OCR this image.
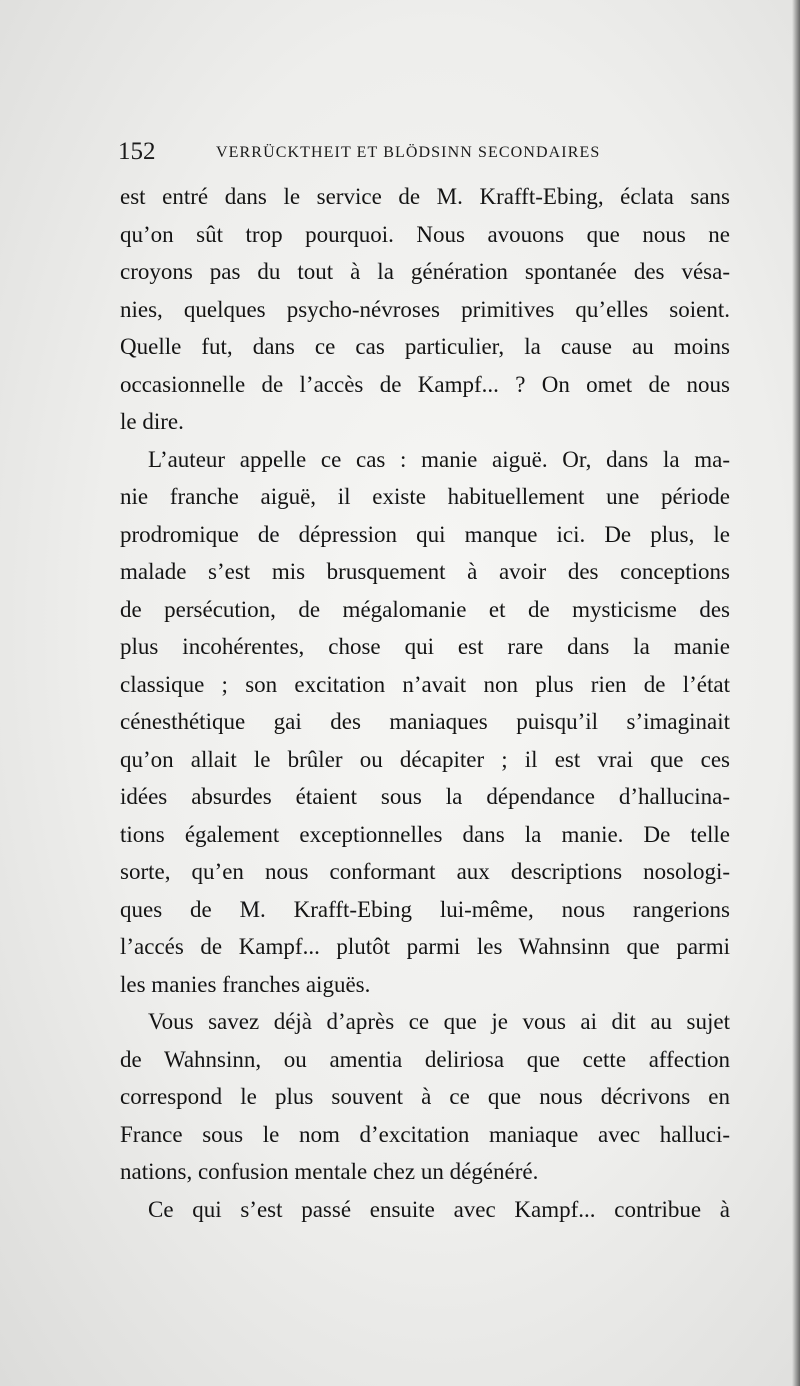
152	VERRÜCKTHEIT ET BLÖDSINN SECONDAIRES
est entré dans le service de M. Krafft-Ebing, éclata sans
qu’on sût trop pourquoi. Nous avouons que nous ne
croyons pas du tout à la génération spontanée des vésa-
nies, quelques psycho-névroses primitives qu’elles soient.
Quelle fut, dans ce cas particulier, la cause au moins
occasionnelle de l’accès de Kampf... ? On omet de nous
le dire.
L’auteur appelle ce cas : manie aiguë. Or, dans la ma-
nie franche aiguë, il existe habituellement une période
prodromique de dépression qui manque ici. De plus, le
malade s’est mis brusquement à avoir des conceptions
de persécution, de mégalomanie et de mysticisme des
plus incohérentes, chose qui est rare dans la manie
classique ; son excitation n’avait non plus rien de l’état
cénesthétique gai des maniaques puisqu’il s’imaginait
qu’on allait le brûler ou décapiter ; il est vrai que ces
idées absurdes étaient sous la dépendance d’hallucina-
tions également exceptionnelles dans la manie. De telle
sorte, qu’en nous conformant aux descriptions nosologi-
ques de M. Krafft-Ebing lui-même, nous rangerions
l’accés de Kampf... plutôt parmi les Wahnsinn que parmi
les manies franches aiguës.
Vous savez déjà d’après ce que je vous ai dit au sujet
de Wahnsinn, ou amentia deliriosa que cette affection
correspond le plus souvent à ce que nous décrivons en
France sous le nom d’excitation maniaque avec halluci-
nations, confusion mentale chez un dégénéré.
Ce qui s’est passé ensuite avec Kampf... contribue à
